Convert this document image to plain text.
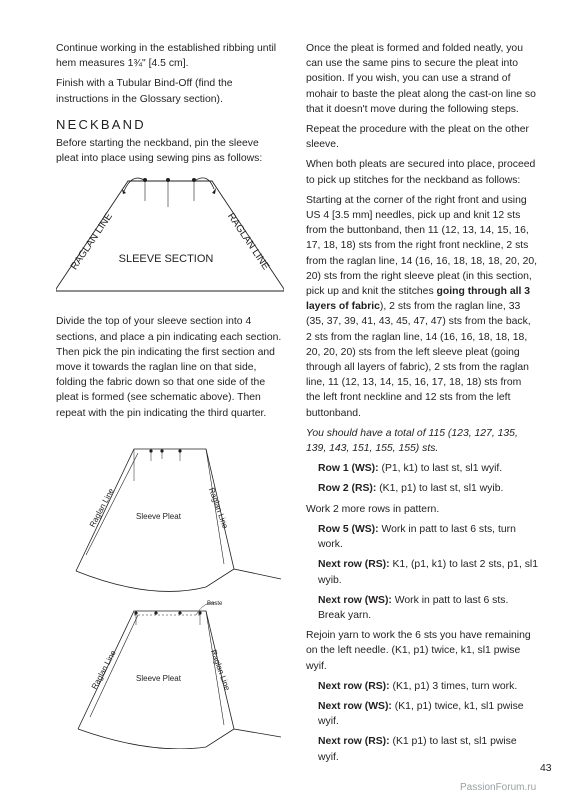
Continue working in the established ribbing until hem measures 1¾" [4.5 cm].

Finish with a Tubular Bind-Off (find the instructions in the Glossary section).

NECKBAND

Before starting the neckband, pin the sleeve pleat into place using sewing pins as follows:

RAGLAN LINE	RAGLAN LINE
SLEEVE SECTION

Divide the top of your sleeve section into 4 sections, and place a pin indicating each section. Then pick the pin indicating the first section and move it towards the raglan line on that side, folding the fabric down so that one side of the pleat is formed (see schematic above). Then repeat with the pin indicating the third quarter.

Raglan Line	Raglan Line
Sleeve Pleat
Baste
Raglan Line	Raglan Line
Sleeve Pleat

Once the pleat is formed and folded neatly, you can use the same pins to secure the pleat into position. If you wish, you can use a strand of mohair to baste the pleat along the cast-on line so that it doesn't move during the following steps.

Repeat the procedure with the pleat on the other sleeve.

When both pleats are secured into place, proceed to pick up stitches for the neckband as follows:

Starting at the corner of the right front and using US 4 [3.5 mm] needles, pick up and knit 12 sts from the buttonband, then 11 (12, 13, 14, 15, 16, 17, 18, 18) sts from the right front neckline, 2 sts from the raglan line, 14 (16, 16, 18, 18, 18, 20, 20, 20) sts from the right sleeve pleat (in this section, pick up and knit the stitches going through all 3 layers of fabric), 2 sts from the raglan line, 33 (35, 37, 39, 41, 43, 45, 47, 47) sts from the back, 2 sts from the raglan line, 14 (16, 16, 18, 18, 18, 20, 20, 20) sts from the left sleeve pleat (going through all layers of fabric), 2 sts from the raglan line, 11 (12, 13, 14, 15, 16, 17, 18, 18) sts from the left front neckline and 12 sts from the left buttonband.

You should have a total of 115 (123, 127, 135, 139, 143, 151, 155, 155) sts.

Row 1 (WS): (P1, k1) to last st, sl1 wyif.

Row 2 (RS): (K1, p1) to last st, sl1 wyib.

Work 2 more rows in pattern.

Row 5 (WS): Work in patt to last 6 sts, turn work.

Next row (RS): K1, (p1, k1) to last 2 sts, p1, sl1 wyib.

Next row (WS): Work in patt to last 6 sts. Break yarn.

Rejoin yarn to work the 6 sts you have remaining on the left needle. (K1, p1) twice, k1, sl1 pwise wyif.

Next row (RS): (K1, p1) 3 times, turn work.

Next row (WS): (K1, p1) twice, k1, sl1 pwise wyif.

Next row (RS): (K1 p1) to last st, sl1 pwise wyif.

43
PassionForum.ru
